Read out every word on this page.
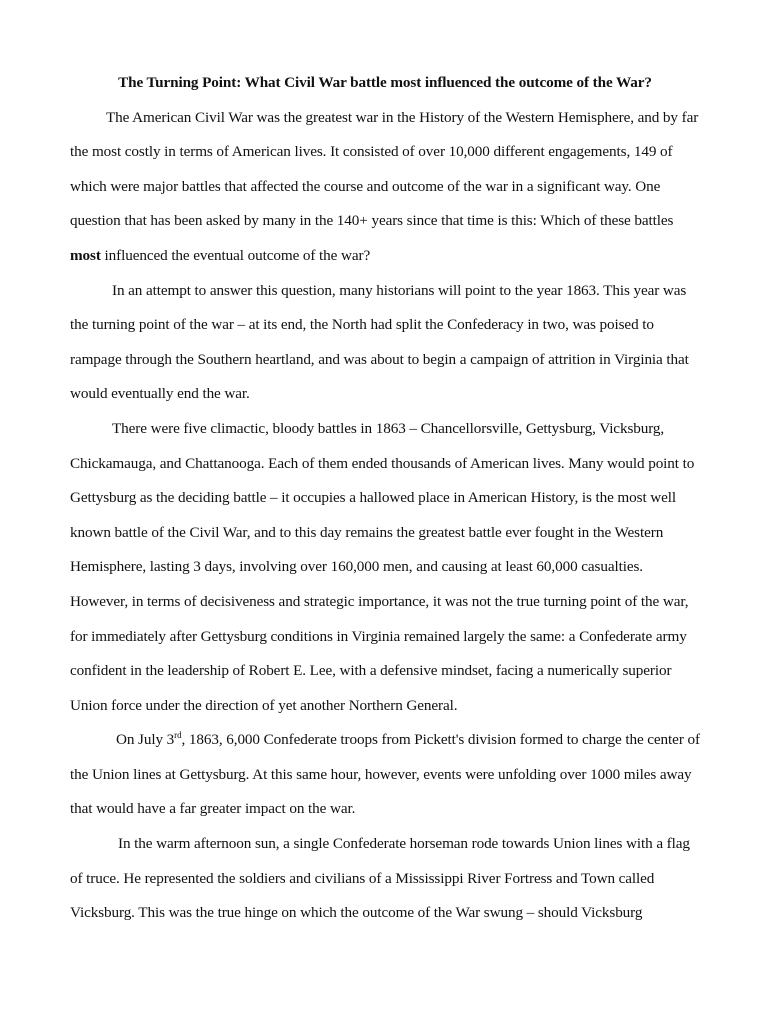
The Turning Point: What Civil War battle most influenced the outcome of the War?

The American Civil War was the greatest war in the History of the Western Hemisphere, and by far the most costly in terms of American lives. It consisted of over 10,000 different engagements, 149 of which were major battles that affected the course and outcome of the war in a significant way. One question that has been asked by many in the 140+ years since that time is this: Which of these battles most influenced the eventual outcome of the war?

In an attempt to answer this question, many historians will point to the year 1863. This year was the turning point of the war – at its end, the North had split the Confederacy in two, was poised to rampage through the Southern heartland, and was about to begin a campaign of attrition in Virginia that would eventually end the war.

There were five climactic, bloody battles in 1863 – Chancellorsville, Gettysburg, Vicksburg, Chickamauga, and Chattanooga. Each of them ended thousands of American lives. Many would point to Gettysburg as the deciding battle – it occupies a hallowed place in American History, is the most well known battle of the Civil War, and to this day remains the greatest battle ever fought in the Western Hemisphere, lasting 3 days, involving over 160,000 men, and causing at least 60,000 casualties. However, in terms of decisiveness and strategic importance, it was not the true turning point of the war, for immediately after Gettysburg conditions in Virginia remained largely the same: a Confederate army confident in the leadership of Robert E. Lee, with a defensive mindset, facing a numerically superior Union force under the direction of yet another Northern General.

On July 3rd, 1863, 6,000 Confederate troops from Pickett's division formed to charge the center of the Union lines at Gettysburg. At this same hour, however, events were unfolding over 1000 miles away that would have a far greater impact on the war.

In the warm afternoon sun, a single Confederate horseman rode towards Union lines with a flag of truce. He represented the soldiers and civilians of a Mississippi River Fortress and Town called Vicksburg. This was the true hinge on which the outcome of the War swung – should Vicksburg
